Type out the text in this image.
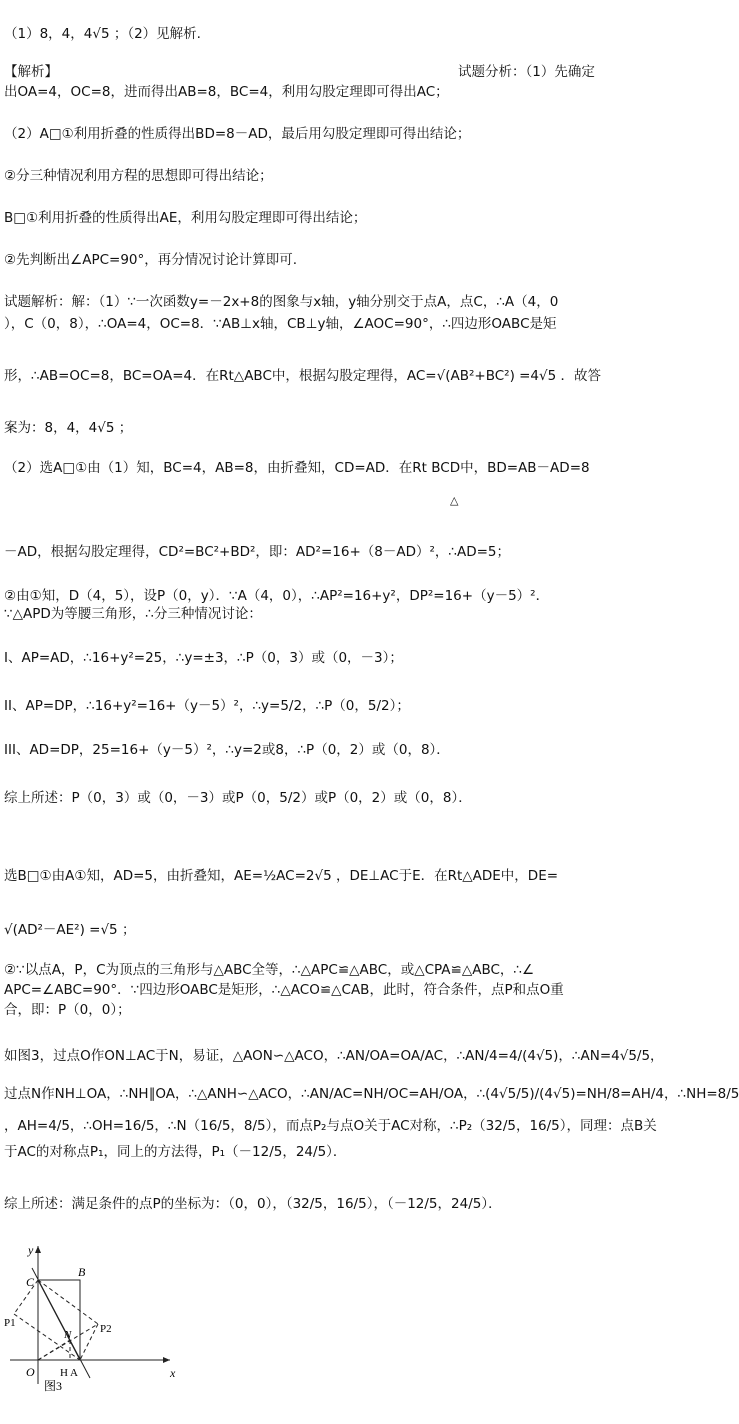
（1）8，4，4√5 ；（2）见解析.
【解析】	试题分析：（1）先确定
出OA=4，OC=8，进而得出AB=8，BC=4，利用勾股定理即可得出AC；
（2）A□①利用折叠的性质得出BD=8－AD，最后用勾股定理即可得出结论；
②分三种情况利用方程的思想即可得出结论；
B□①利用折叠的性质得出AE，利用勾股定理即可得出结论；
②先判断出∠APC=90°，再分情况讨论计算即可.
试题解析：解：（1）∵一次函数y=－2x+8的图象与x轴，y轴分别交于点A，点C，∴A（4，0
），C（0，8），∴OA=4，OC=8．∵AB⊥x轴，CB⊥y轴，∠AOC=90°，∴四边形OABC是矩
形，∴AB=OC=8，BC=OA=4．在Rt△ABC中，根据勾股定理得，AC=√(AB²+BC²) =4√5 ．故答
案为：8，4，4√5 ；
（2）选A□①由（1）知，BC=4，AB=8，由折叠知，CD=AD．在Rt BCD中，BD=AB－AD=8
△
－AD，根据勾股定理得，CD²=BC²+BD²，即：AD²=16+（8－AD）²，∴AD=5；
②由①知，D（4，5），设P（0，y）．∵A（4，0），∴AP²=16+y²，DP²=16+（y－5）²．
∵△APD为等腰三角形，∴分三种情况讨论：
I、AP=AD，∴16+y²=25，∴y=±3，∴P（0，3）或（0，－3）；
II、AP=DP，∴16+y²=16+（y－5）²，∴y=5/2，∴P（0，5/2）；
III、AD=DP，25=16+（y－5）²，∴y=2或8，∴P（0，2）或（0，8）．
综上所述：P（0，3）或（0，－3）或P（0，5/2）或P（0，2）或（0，8）．
选B□①由A①知，AD=5，由折叠知，AE=½AC=2√5 ，DE⊥AC于E．在Rt△ADE中，DE=
√(AD²－AE²) =√5 ；
②∵以点A，P，C为顶点的三角形与△ABC全等，∴△APC≌△ABC，或△CPA≌△ABC，∴∠
APC=∠ABC=90°．∵四边形OABC是矩形，∴△ACO≌△CAB，此时，符合条件，点P和点O重
合，即：P（0，0）；
如图3，过点O作ON⊥AC于N，易证，△AON∽△ACO，∴AN/OA=OA/AC，∴AN/4=4/(4√5)，∴AN=4√5/5，
过点N作NH⊥OA，∴NH∥OA，∴△ANH∽△ACO，∴AN/AC=NH/OC=AH/OA，∴(4√5/5)/(4√5)=NH/8=AH/4，∴NH=8/5
，AH=4/5，∴OH=16/5，∴N（16/5，8/5），而点P₂与点O关于AC对称，∴P₂（32/5，16/5），同理：点B关
于AC的对称点P₁，同上的方法得，P₁（－12/5，24/5）．
综上所述：满足条件的点P的坐标为：（0，0），（32/5，16/5），（－12/5，24/5）．
x
y
O
C
B
P1	P2
N
H A
图3
